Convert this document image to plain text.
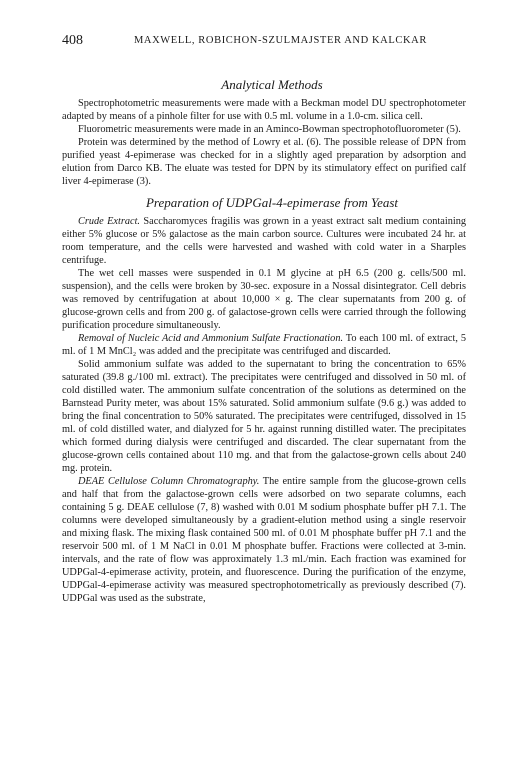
408	MAXWELL, ROBICHON-SZULMAJSTER AND KALCKAR

Analytical Methods

Spectrophotometric measurements were made with a Beckman model DU spectrophotometer adapted by means of a pinhole filter for use with 0.5 ml. volume in a 1.0-cm. silica cell.

Fluorometric measurements were made in an Aminco-Bowman spectrophotofluorometer (5).

Protein was determined by the method of Lowry et al. (6). The possible release of DPN from purified yeast 4-epimerase was checked for in a slightly aged preparation by adsorption and elution from Darco KB. The eluate was tested for DPN by its stimulatory effect on purified calf liver 4-epimerase (3).

Preparation of UDPGal-4-epimerase from Yeast

Crude Extract. Saccharomyces fragilis was grown in a yeast extract salt medium containing either 5% glucose or 5% galactose as the main carbon source. Cultures were incubated 24 hr. at room temperature, and the cells were harvested and washed with cold water in a Sharples centrifuge.

The wet cell masses were suspended in 0.1 M glycine at pH 6.5 (200 g. cells/500 ml. suspension), and the cells were broken by 30-sec. exposure in a Nossal disintegrator. Cell debris was removed by centrifugation at about 10,000 × g. The clear supernatants from 200 g. of glucose-grown cells and from 200 g. of galactose-grown cells were carried through the following purification procedure simultaneously.

Removal of Nucleic Acid and Ammonium Sulfate Fractionation. To each 100 ml. of extract, 5 ml. of 1 M MnCl₂ was added and the precipitate was centrifuged and discarded.

Solid ammonium sulfate was added to the supernatant to bring the concentration to 65% saturated (39.8 g./100 ml. extract). The precipitates were centrifuged and dissolved in 50 ml. of cold distilled water. The ammonium sulfate concentration of the solutions as determined on the Barnstead Purity meter, was about 15% saturated. Solid ammonium sulfate (9.6 g.) was added to bring the final concentration to 50% saturated. The precipitates were centrifuged, dissolved in 15 ml. of cold distilled water, and dialyzed for 5 hr. against running distilled water. The precipitates which formed during dialysis were centrifuged and discarded. The clear supernatant from the glucose-grown cells contained about 110 mg. and that from the galactose-grown cells about 240 mg. protein.

DEAE Cellulose Column Chromatography. The entire sample from the glucose-grown cells and half that from the galactose-grown cells were adsorbed on two separate columns, each containing 5 g. DEAE cellulose (7, 8) washed with 0.01 M sodium phosphate buffer pH 7.1. The columns were developed simultaneously by a gradient-elution method using a single reservoir and mixing flask. The mixing flask contained 500 ml. of 0.01 M phosphate buffer pH 7.1 and the reservoir 500 ml. of 1 M NaCl in 0.01 M phosphate buffer. Fractions were collected at 3-min. intervals, and the rate of flow was approximately 1.3 ml./min. Each fraction was examined for UDPGal-4-epimerase activity, protein, and fluorescence. During the purification of the enzyme, UDPGal-4-epimerase activity was measured spectrophotometrically as previously described (7). UDPGal was used as the substrate,
